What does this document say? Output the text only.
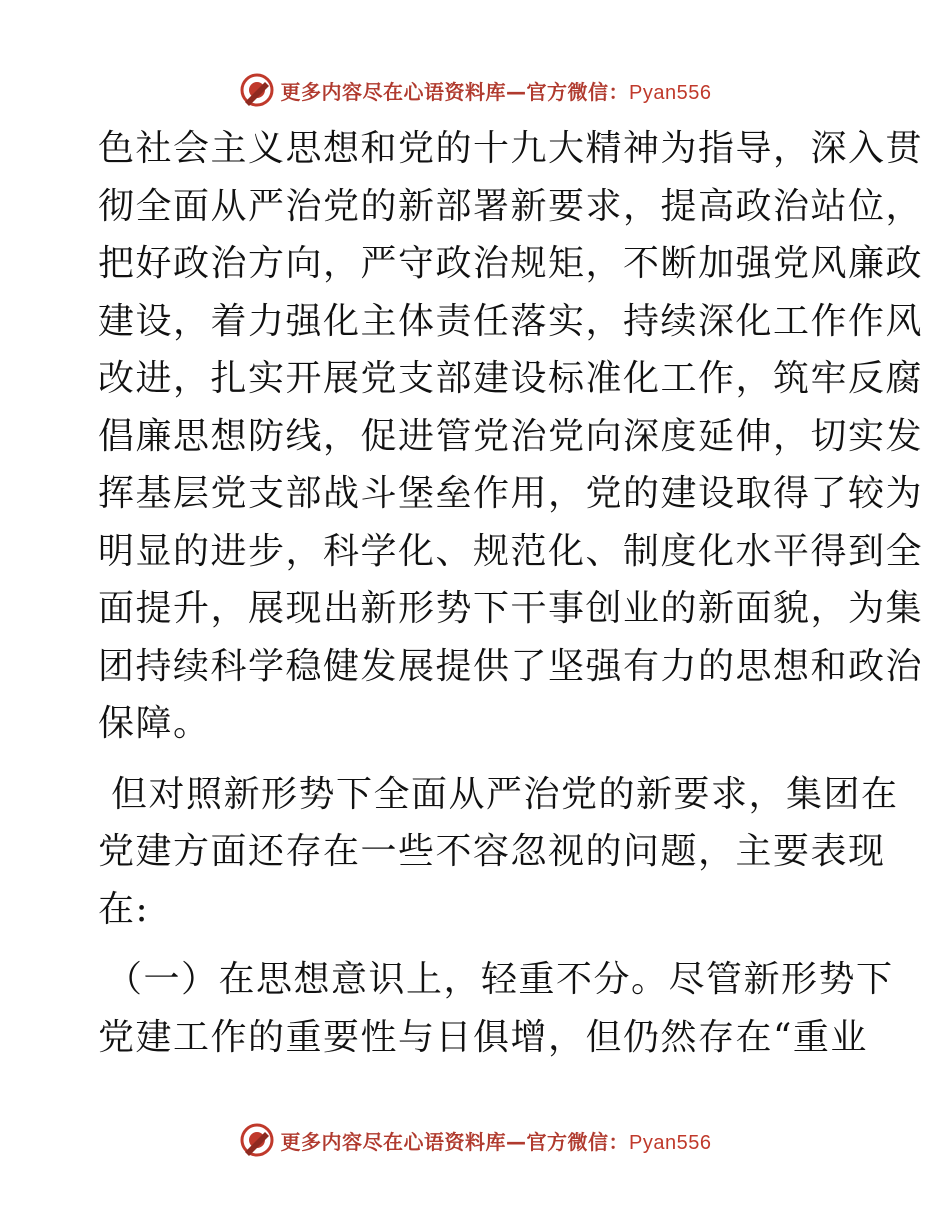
更多内容尽在心语资料库—官方微信：Pyan556

色社会主义思想和党的十九大精神为指导，深入贯
彻全面从严治党的新部署新要求，提高政治站位，
把好政治方向，严守政治规矩，不断加强党风廉政
建设，着力强化主体责任落实，持续深化工作作风
改进，扎实开展党支部建设标准化工作，筑牢反腐
倡廉思想防线，促进管党治党向深度延伸，切实发
挥基层党支部战斗堡垒作用，党的建设取得了较为
明显的进步，科学化、规范化、制度化水平得到全
面提升，展现出新形势下干事创业的新面貌，为集
团持续科学稳健发展提供了坚强有力的思想和政治
保障。

但对照新形势下全面从严治党的新要求，集团在
党建方面还存在一些不容忽视的问题，主要表现
在:

（一）在思想意识上，轻重不分。尽管新形势下
党建工作的重要性与日俱增，但仍然存在“重业

更多内容尽在心语资料库—官方微信：Pyan556
